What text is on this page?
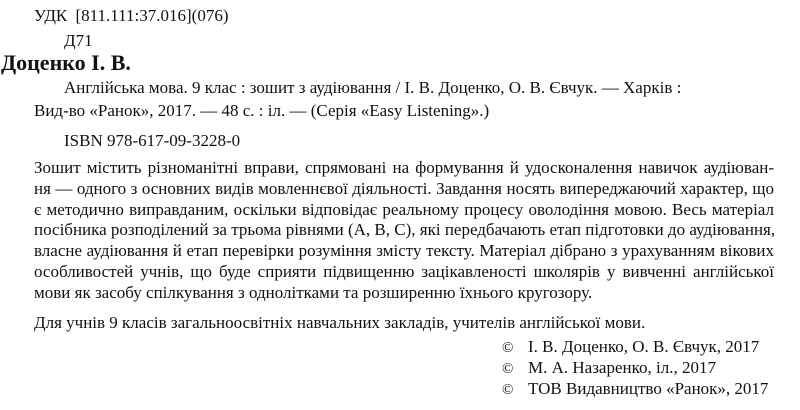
УДК [811.111:37.016](076)
Д71
Доценко І. В.
Англійська мова. 9 клас : зошит з аудіювання / І. В. Доценко, О. В. Євчук. — Харків :
Вид-во «Ранок», 2017. — 48 с. : іл. — (Серія «Easy Listening».)
ISBN 978-617-09-3228-0
Зошит містить різноманітні вправи, спрямовані на формування й удосконалення навичок аудіюван-
ня — одного з основних видів мовленнєвої діяльності. Завдання носять випереджаючий характер, що
є методично виправданим, оскільки відповідає реальному процесу оволодіння мовою. Весь матеріал
посібника розподілений за трьома рівнями (A, B, C), які передбачають етап підготовки до аудіювання,
власне аудіювання й етап перевірки розуміння змісту тексту. Матеріал дібрано з урахуванням вікових
особливостей учнів, що буде сприяти підвищенню зацікавленості школярів у вивченні англійської
мови як засобу спілкування з однолітками та розширенню їхнього кругозору.
Для учнів 9 класів загальноосвітніх навчальних закладів, учителів англійської мови.
© І. В. Доценко, О. В. Євчук, 2017
© М. А. Назаренко, іл., 2017
© ТОВ Видавництво «Ранок», 2017
